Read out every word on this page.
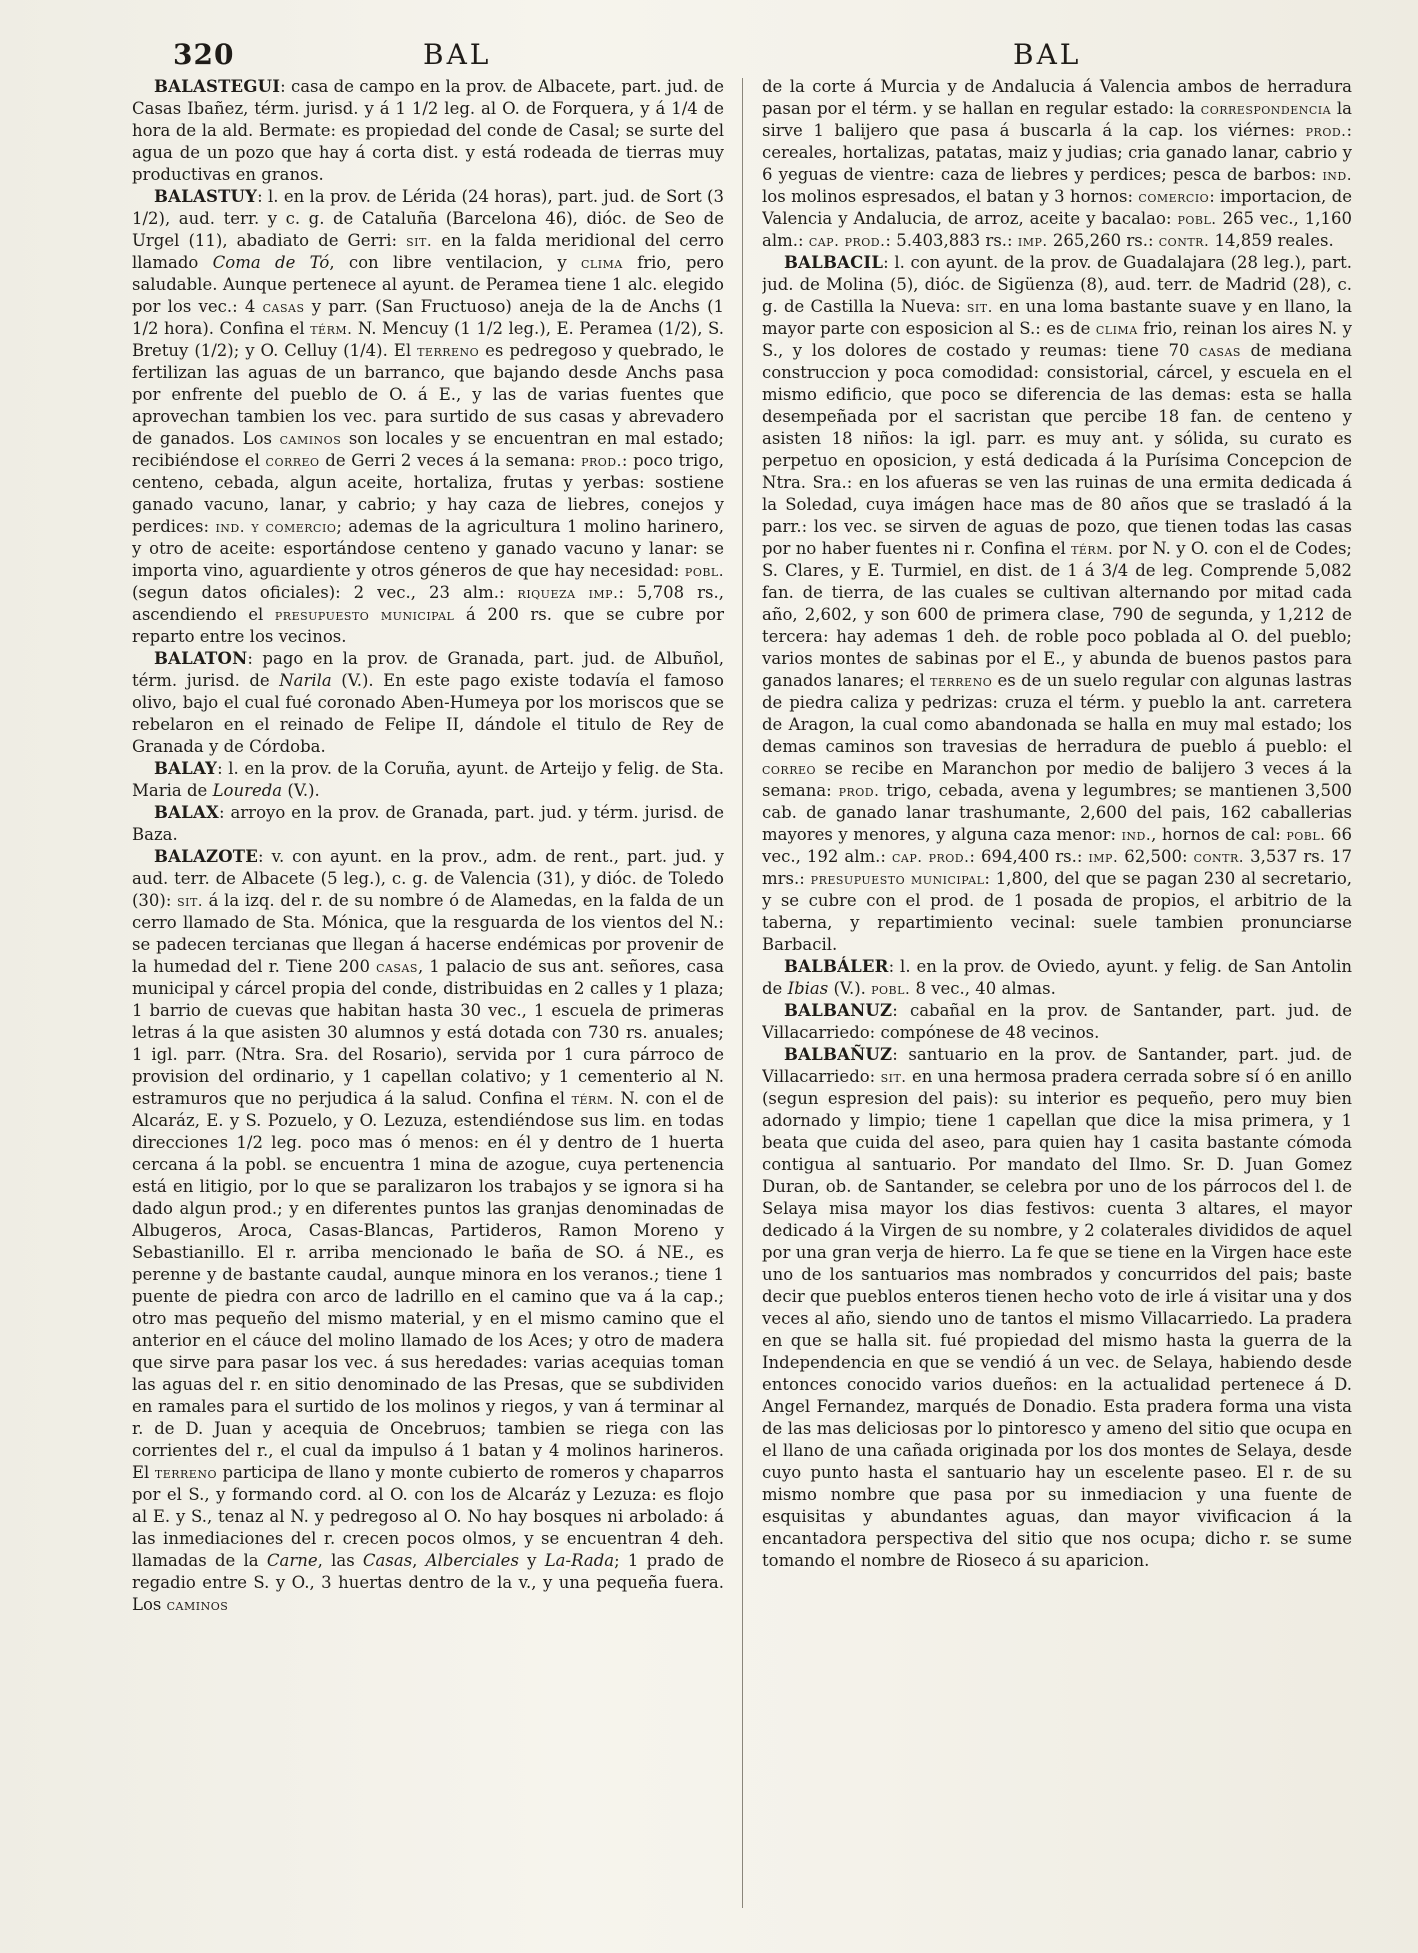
320	BAL	BAL

BALASTEGUI: casa de campo en la prov. de Albacete, part. jud. de Casas Ibañez, térm. jurisd. y á 1 1/2 leg. al O. de Forquera, y á 1/4 de hora de la ald. Bermate: es propiedad del conde de Casal; se surte del agua de un pozo que hay á corta dist. y está rodeada de tierras muy productivas en granos.

BALASTUY: l. en la prov. de Lérida (24 horas), part. jud. de Sort (3 1/2), aud. terr. y c. g. de Cataluña (Barcelona 46), dióc. de Seo de Urgel (11), abadiato de Gerri: sit. en la falda meridional del cerro llamado Coma de Tó, con libre ventilacion, y clima frio, pero saludable. Aunque pertenece al ayunt. de Peramea tiene 1 alc. elegido por los vec.: 4 casas y parr. (San Fructuoso) aneja de la de Anchs (1 1/2 hora). Confina el térm. N. Mencuy (1 1/2 leg.), E. Peramea (1/2), S. Bretuy (1/2); y O. Celluy (1/4). El terreno es pedregoso y quebrado, le fertilizan las aguas de un barranco, que bajando desde Anchs pasa por enfrente del pueblo de O. á E., y las de varias fuentes que aprovechan tambien los vec. para surtido de sus casas y abrevadero de ganados. Los caminos son locales y se encuentran en mal estado; recibiéndose el correo de Gerri 2 veces á la semana: prod.: poco trigo, centeno, cebada, algun aceite, hortaliza, frutas y yerbas: sostiene ganado vacuno, lanar, y cabrio; y hay caza de liebres, conejos y perdices: ind. y comercio; ademas de la agricultura 1 molino harinero, y otro de aceite: esportándose centeno y ganado vacuno y lanar: se importa vino, aguardiente y otros géneros de que hay necesidad: pobl. (segun datos oficiales): 2 vec., 23 alm.: riqueza imp.: 5,708 rs., ascendiendo el presupuesto municipal á 200 rs. que se cubre por reparto entre los vecinos.

BALATON: pago en la prov. de Granada, part. jud. de Albuñol, térm. jurisd. de Narila (V.). En este pago existe todavía el famoso olivo, bajo el cual fué coronado Aben-Humeya por los moriscos que se rebelaron en el reinado de Felipe II, dándole el titulo de Rey de Granada y de Córdoba.

BALAY: l. en la prov. de la Coruña, ayunt. de Arteijo y felig. de Sta. Maria de Loureda (V.).

BALAX: arroyo en la prov. de Granada, part. jud. y térm. jurisd. de Baza.

BALAZOTE: v. con ayunt. en la prov., adm. de rent., part. jud. y aud. terr. de Albacete (5 leg.), c. g. de Valencia (31), y dióc. de Toledo (30): sit. á la izq. del r. de su nombre ó de Alamedas, en la falda de un cerro llamado de Sta. Mónica, que la resguarda de los vientos del N.: se padecen tercianas que llegan á hacerse endémicas por provenir de la humedad del r. Tiene 200 casas, 1 palacio de sus ant. señores, casa municipal y cárcel propia del conde, distribuidas en 2 calles y 1 plaza; 1 barrio de cuevas que habitan hasta 30 vec., 1 escuela de primeras letras á la que asisten 30 alumnos y está dotada con 730 rs. anuales; 1 igl. parr. (Ntra. Sra. del Rosario), servida por 1 cura párroco de provision del ordinario, y 1 capellan colativo; y 1 cementerio al N. estramuros que no perjudica á la salud. Confina el térm. N. con el de Alcaráz, E. y S. Pozuelo, y O. Lezuza, estendiéndose sus lim. en todas direcciones 1/2 leg. poco mas ó menos: en él y dentro de 1 huerta cercana á la pobl. se encuentra 1 mina de azogue, cuya pertenencia está en litigio, por lo que se paralizaron los trabajos y se ignora si ha dado algun prod.; y en diferentes puntos las granjas denominadas de Albugeros, Aroca, Casas-Blancas, Partideros, Ramon Moreno y Sebastianillo. El r. arriba mencionado le baña de SO. á NE., es perenne y de bastante caudal, aunque minora en los veranos.; tiene 1 puente de piedra con arco de ladrillo en el camino que va á la cap.; otro mas pequeño del mismo material, y en el mismo camino que el anterior en el cáuce del molino llamado de los Aces; y otro de madera que sirve para pasar los vec. á sus heredades: varias acequias toman las aguas del r. en sitio denominado de las Presas, que se subdividen en ramales para el surtido de los molinos y riegos, y van á terminar al r. de D. Juan y acequia de Oncebruos; tambien se riega con las corrientes del r., el cual da impulso á 1 batan y 4 molinos harineros. El terreno participa de llano y monte cubierto de romeros y chaparros por el S., y formando cord. al O. con los de Alcaráz y Lezuza: es flojo al E. y S., tenaz al N. y pedregoso al O. No hay bosques ni arbolado: á las inmediaciones del r. crecen pocos olmos, y se encuentran 4 deh. llamadas de la Carne, las Casas, Alberciales y La-Rada; 1 prado de regadio entre S. y O., 3 huertas dentro de la v., y una pequeña fuera. Los caminos

de la corte á Murcia y de Andalucia á Valencia ambos de herradura pasan por el térm. y se hallan en regular estado: la correspondencia la sirve 1 balijero que pasa á buscarla á la cap. los viérnes: prod.: cereales, hortalizas, patatas, maiz y judias; cria ganado lanar, cabrio y 6 yeguas de vientre: caza de liebres y perdices; pesca de barbos: ind. los molinos espresados, el batan y 3 hornos: comercio: importacion, de Valencia y Andalucia, de arroz, aceite y bacalao: pobl. 265 vec., 1,160 alm.: cap. prod.: 5.403,883 rs.: imp. 265,260 rs.: contr. 14,859 reales.

BALBACIL: l. con ayunt. de la prov. de Guadalajara (28 leg.), part. jud. de Molina (5), dióc. de Sigüenza (8), aud. terr. de Madrid (28), c. g. de Castilla la Nueva: sit. en una loma bastante suave y en llano, la mayor parte con esposicion al S.: es de clima frio, reinan los aires N. y S., y los dolores de costado y reumas: tiene 70 casas de mediana construccion y poca comodidad: consistorial, cárcel, y escuela en el mismo edificio, que poco se diferencia de las demas: esta se halla desempeñada por el sacristan que percibe 18 fan. de centeno y asisten 18 niños: la igl. parr. es muy ant. y sólida, su curato es perpetuo en oposicion, y está dedicada á la Purísima Concepcion de Ntra. Sra.: en los afueras se ven las ruinas de una ermita dedicada á la Soledad, cuya imágen hace mas de 80 años que se trasladó á la parr.: los vec. se sirven de aguas de pozo, que tienen todas las casas por no haber fuentes ni r. Confina el térm. por N. y O. con el de Codes; S. Clares, y E. Turmiel, en dist. de 1 á 3/4 de leg. Comprende 5,082 fan. de tierra, de las cuales se cultivan alternando por mitad cada año, 2,602, y son 600 de primera clase, 790 de segunda, y 1,212 de tercera: hay ademas 1 deh. de roble poco poblada al O. del pueblo; varios montes de sabinas por el E., y abunda de buenos pastos para ganados lanares; el terreno es de un suelo regular con algunas lastras de piedra caliza y pedrizas: cruza el térm. y pueblo la ant. carretera de Aragon, la cual como abandonada se halla en muy mal estado; los demas caminos son travesias de herradura de pueblo á pueblo: el correo se recibe en Maranchon por medio de balijero 3 veces á la semana: prod. trigo, cebada, avena y legumbres; se mantienen 3,500 cab. de ganado lanar trashumante, 2,600 del pais, 162 caballerias mayores y menores, y alguna caza menor: ind., hornos de cal: pobl. 66 vec., 192 alm.: cap. prod.: 694,400 rs.: imp. 62,500: contr. 3,537 rs. 17 mrs.: presupuesto municipal: 1,800, del que se pagan 230 al secretario, y se cubre con el prod. de 1 posada de propios, el arbitrio de la taberna, y repartimiento vecinal: suele tambien pronunciarse Barbacil.

BALBÁLER: l. en la prov. de Oviedo, ayunt. y felig. de San Antolin de Ibias (V.). pobl. 8 vec., 40 almas.

BALBANUZ: cabañal en la prov. de Santander, part. jud. de Villacarriedo: compónese de 48 vecinos.

BALBAÑUZ: santuario en la prov. de Santander, part. jud. de Villacarriedo: sit. en una hermosa pradera cerrada sobre sí ó en anillo (segun espresion del pais): su interior es pequeño, pero muy bien adornado y limpio; tiene 1 capellan que dice la misa primera, y 1 beata que cuida del aseo, para quien hay 1 casita bastante cómoda contigua al santuario. Por mandato del Ilmo. Sr. D. Juan Gomez Duran, ob. de Santander, se celebra por uno de los párrocos del l. de Selaya misa mayor los dias festivos: cuenta 3 altares, el mayor dedicado á la Virgen de su nombre, y 2 colaterales divididos de aquel por una gran verja de hierro. La fe que se tiene en la Virgen hace este uno de los santuarios mas nombrados y concurridos del pais; baste decir que pueblos enteros tienen hecho voto de irle á visitar una y dos veces al año, siendo uno de tantos el mismo Villacarriedo. La pradera en que se halla sit. fué propiedad del mismo hasta la guerra de la Independencia en que se vendió á un vec. de Selaya, habiendo desde entonces conocido varios dueños: en la actualidad pertenece á D. Angel Fernandez, marqués de Donadio. Esta pradera forma una vista de las mas deliciosas por lo pintoresco y ameno del sitio que ocupa en el llano de una cañada originada por los dos montes de Selaya, desde cuyo punto hasta el santuario hay un escelente paseo. El r. de su mismo nombre que pasa por su inmediacion y una fuente de esquisitas y abundantes aguas, dan mayor vivificacion á la encantadora perspectiva del sitio que nos ocupa; dicho r. se sume tomando el nombre de Rioseco á su aparicion.
